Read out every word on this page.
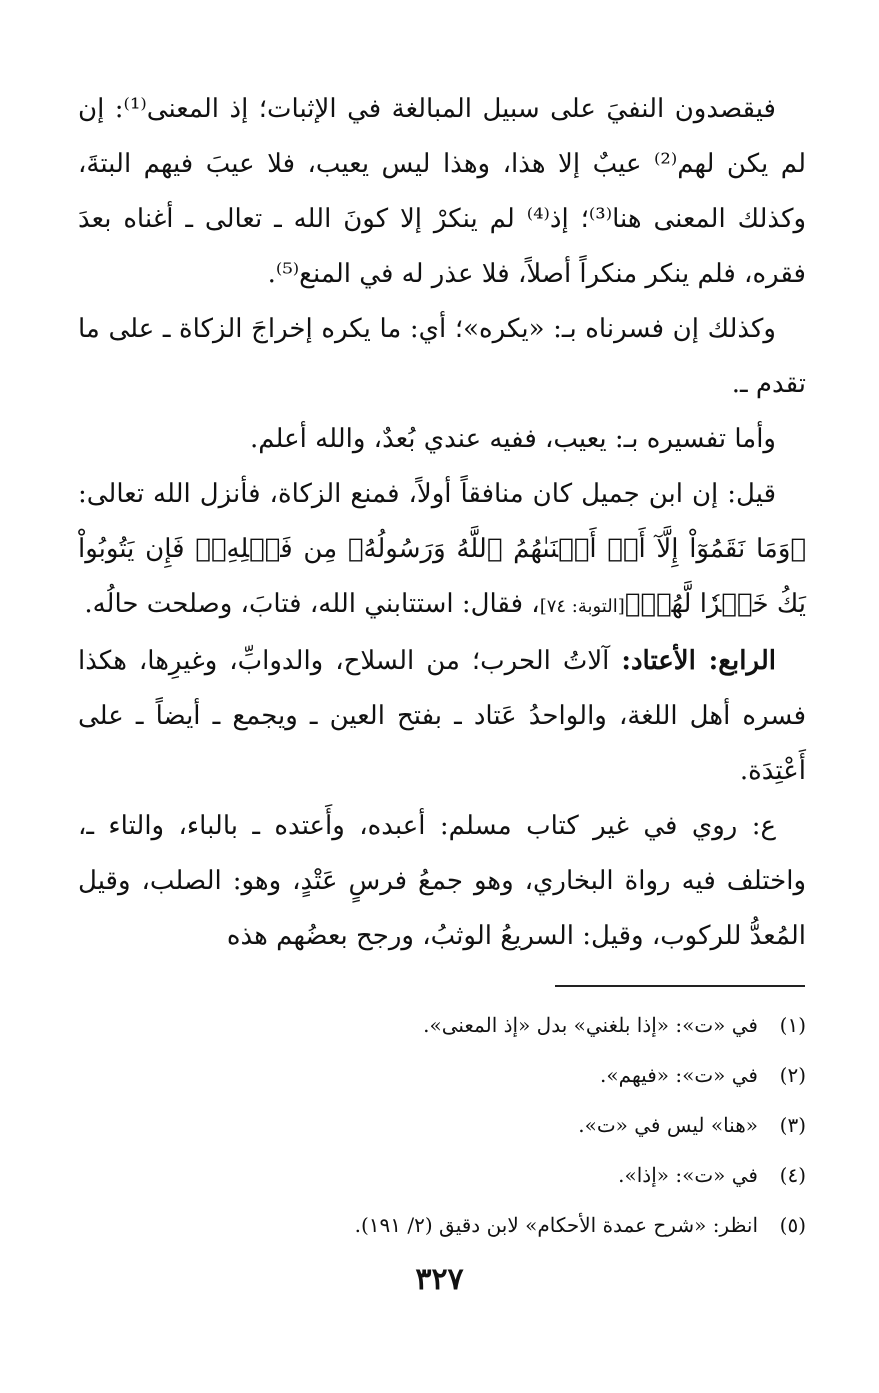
فيقصدون النفيَ على سبيل المبالغة في الإثبات؛ إذ المعنى⁽¹⁾: إن لم يكن لهم⁽²⁾ عيبٌ إلا هذا، وهذا ليس يعيب، فلا عيبَ فيهم البتةَ، وكذلك المعنى هنا⁽³⁾؛ إذ⁽⁴⁾ لم ينكرْ إلا كونَ الله ـ تعالى ـ أغناه بعدَ فقره، فلم ينكر منكراً أصلاً، فلا عذر له في المنع⁽⁵⁾.

وكذلك إن فسرناه بـ: «يكره»؛ أي: ما يكره إخراجَ الزكاة ـ على ما تقدم ـ.

وأما تفسيره بـ: يعيب، ففيه عندي بُعدٌ، والله أعلم.

قيل: إن ابن جميل كان منافقاً أولاً، فمنع الزكاة، فأنزل الله تعالى: ﴿وَمَا نَقَمُوٓاْ إِلَّآ أَنۡ أَغۡنَىٰهُمُ ٱللَّهُ وَرَسُولُهُۥ مِن فَضۡلِهِۦۚ فَإِن يَتُوبُواْ يَكُ خَيۡرٗا لَّهُمۡ﴾[التوبة: ٧٤]، فقال: استتابني الله، فتابَ، وصلحت حالُه.

الرابع: الأعتاد: آلاتُ الحرب؛ من السلاح، والدوابِّ، وغيرِها، هكذا فسره أهل اللغة، والواحدُ عَتاد ـ بفتح العين ـ ويجمع ـ أيضاً ـ على أَعْتِدَة.

ع: روي في غير كتاب مسلم: أعبده، وأَعتده ـ بالباء، والتاء ـ، واختلف فيه رواة البخاري، وهو جمعُ فرسٍ عَتْدٍ، وهو: الصلب، وقيل المُعدُّ للركوب، وقيل: السريعُ الوثبُ، ورجح بعضُهم هذه

(١)في «ت»: «إذا بلغني» بدل «إذ المعنى».
(٢)في «ت»: «فيهم».
(٣)«هنا» ليس في «ت».
(٤)في «ت»: «إذا».
(٥)انظر: «شرح عمدة الأحكام» لابن دقيق (٢/ ١٩١).
٣٢٧
